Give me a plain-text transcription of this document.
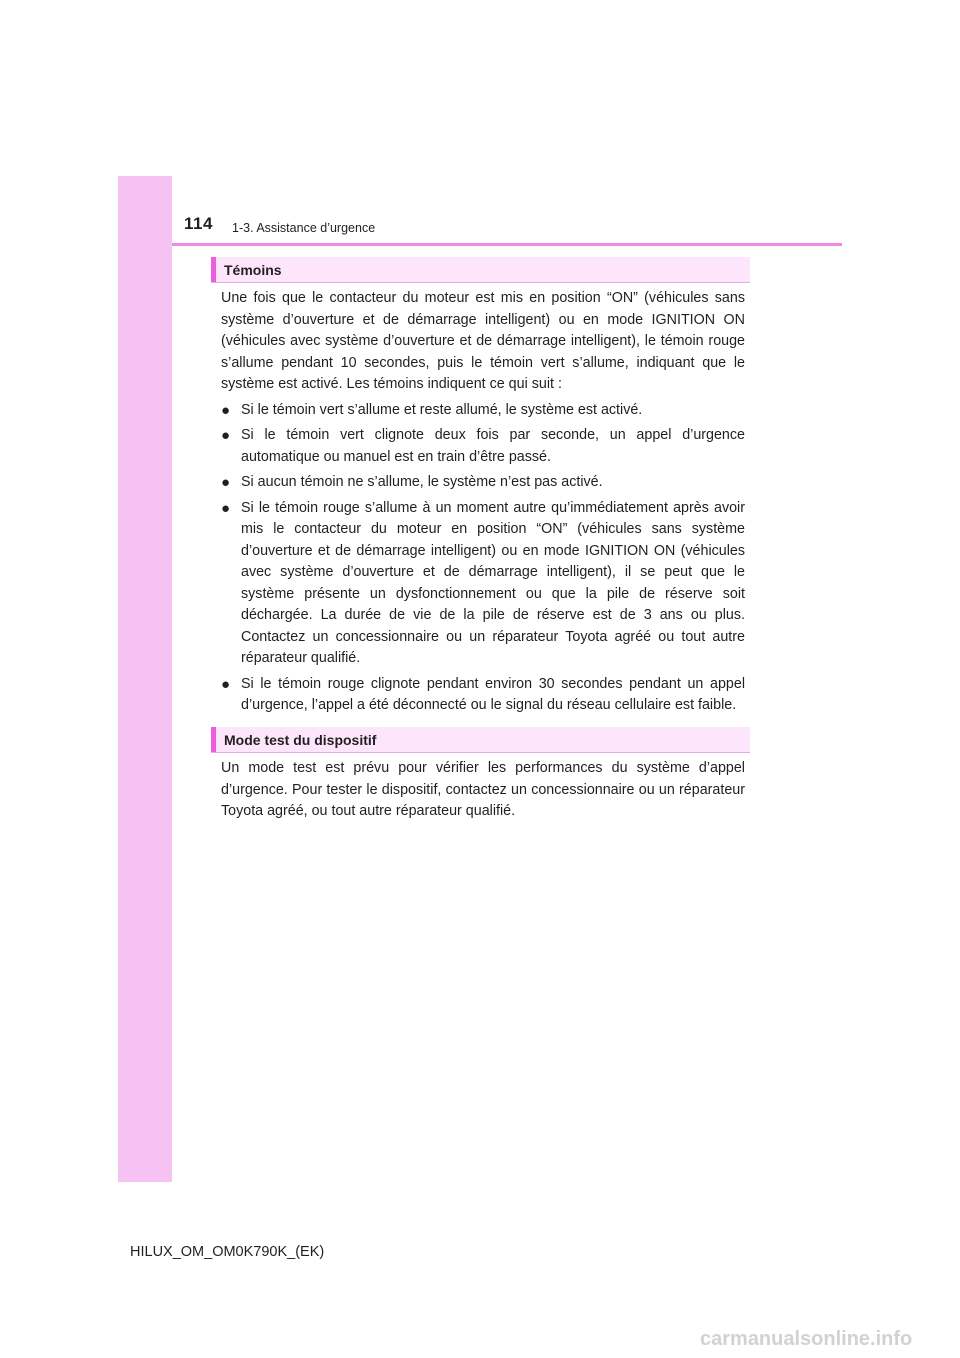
114 1-3. Assistance d’urgence
Témoins

Une fois que le contacteur du moteur est mis en position “ON” (véhicules sans système d’ouverture et de démarrage intelligent) ou en mode IGNITION ON (véhicules avec système d’ouverture et de démarrage intelligent), le témoin rouge s’allume pendant 10 secondes, puis le témoin vert s’allume, indiquant que le système est activé. Les témoins indiquent ce qui suit :

● Si le témoin vert s’allume et reste allumé, le système est activé.
● Si le témoin vert clignote deux fois par seconde, un appel d’urgence automatique ou manuel est en train d’être passé.
● Si aucun témoin ne s’allume, le système n’est pas activé.
● Si le témoin rouge s’allume à un moment autre qu’immédiatement après avoir mis le contacteur du moteur en position “ON” (véhicules sans système d’ouverture et de démarrage intelligent) ou en mode IGNITION ON (véhicules avec système d’ouverture et de démarrage intelligent), il se peut que le système présente un dysfonctionnement ou que la pile de réserve soit déchargée. La durée de vie de la pile de réserve est de 3 ans ou plus. Contactez un concessionnaire ou un réparateur Toyota agréé ou tout autre réparateur qualifié.
● Si le témoin rouge clignote pendant environ 30 secondes pendant un appel d’urgence, l’appel a été déconnecté ou le signal du réseau cellulaire est faible.
Mode test du dispositif

Un mode test est prévu pour vérifier les performances du système d’appel d’urgence. Pour tester le dispositif, contactez un concessionnaire ou un réparateur Toyota agréé, ou tout autre réparateur qualifié.

HILUX_OM_OM0K790K_(EK)
carmanualsonline.info
